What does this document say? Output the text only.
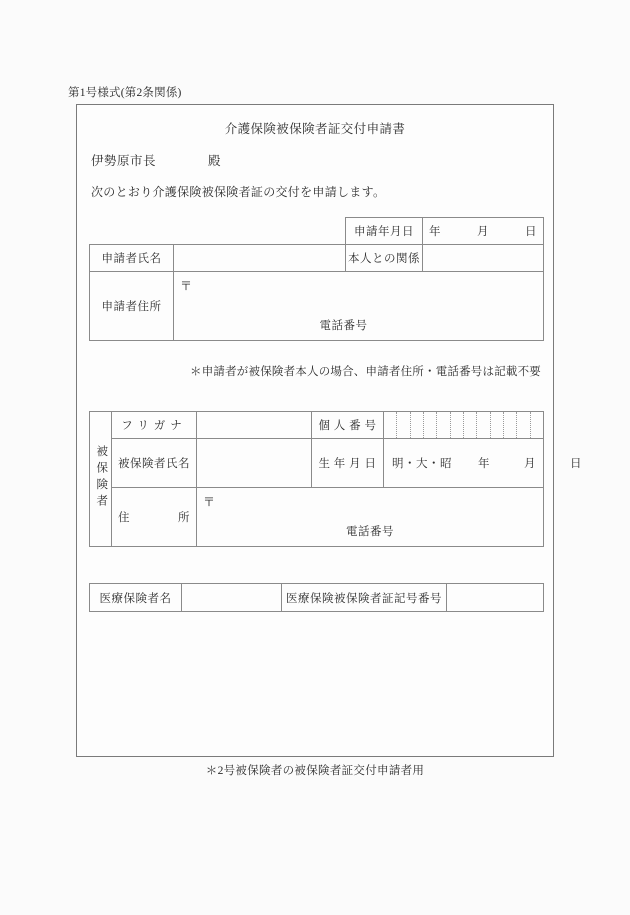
第1号様式(第2条関係)
介護保険被保険者証交付申請書
伊勢原市長　　　　殿
次のとおり介護保険被保険者証の交付を申請します。
		申請年月日	年　　　月　　　日
申請者氏名		本人との関係	
申請者住所	〒
電話番号		
＊申請者が被保険者本人の場合、申請者住所・電話番号は記載不要
被保険者	フリガナ		個 人 番 号	

	被保険者氏名		生 年 月 日	明・大・昭 年 月 日

	住　　　　所	〒
電話番号		
医療保険者名		医療保険被保険者証記号番号	
＊2号被保険者の被保険者証交付申請者用
